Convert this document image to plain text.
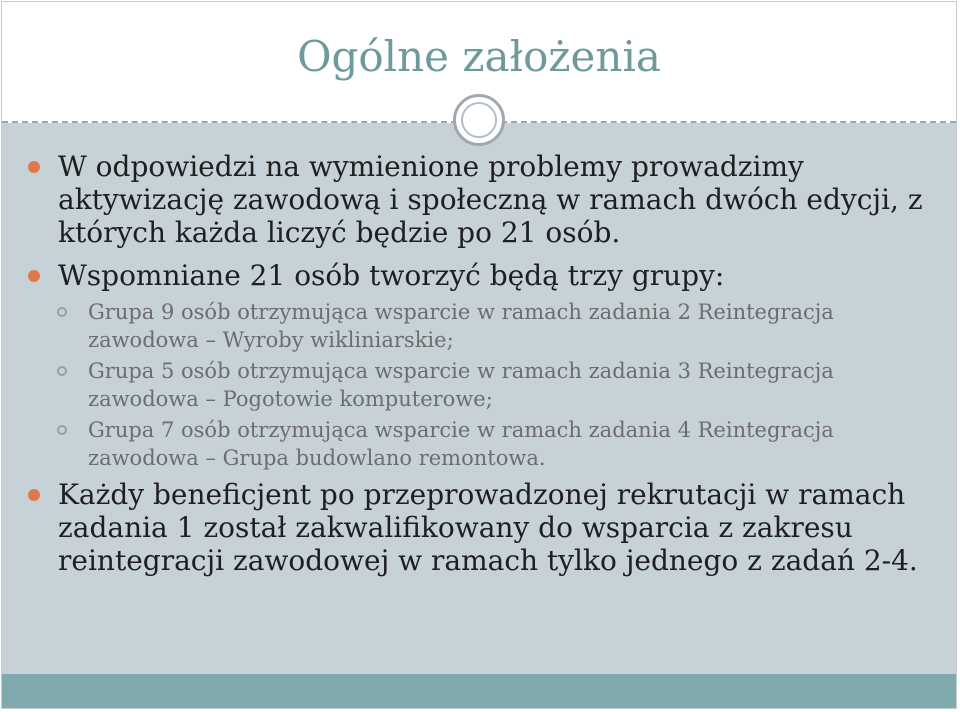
Ogólne założenia
W odpowiedzi na wymienione problemy prowadzimy aktywizację zawodową i społeczną w ramach dwóch edycji, z których każda liczyć będzie po 21 osób.
Wspomniane 21 osób tworzyć będą trzy grupy:
Grupa 9 osób otrzymująca wsparcie w ramach zadania 2 Reintegracja zawodowa – Wyroby wikliniarskie;
Grupa 5 osób otrzymująca wsparcie w ramach zadania 3 Reintegracja zawodowa – Pogotowie komputerowe;
Grupa 7 osób otrzymująca wsparcie w ramach zadania 4 Reintegracja zawodowa – Grupa budowlano remontowa.
Każdy beneficjent po przeprowadzonej rekrutacji w ramach zadania 1 został zakwalifikowany do wsparcia z zakresu reintegracji zawodowej w ramach tylko jednego z zadań 2-4.
